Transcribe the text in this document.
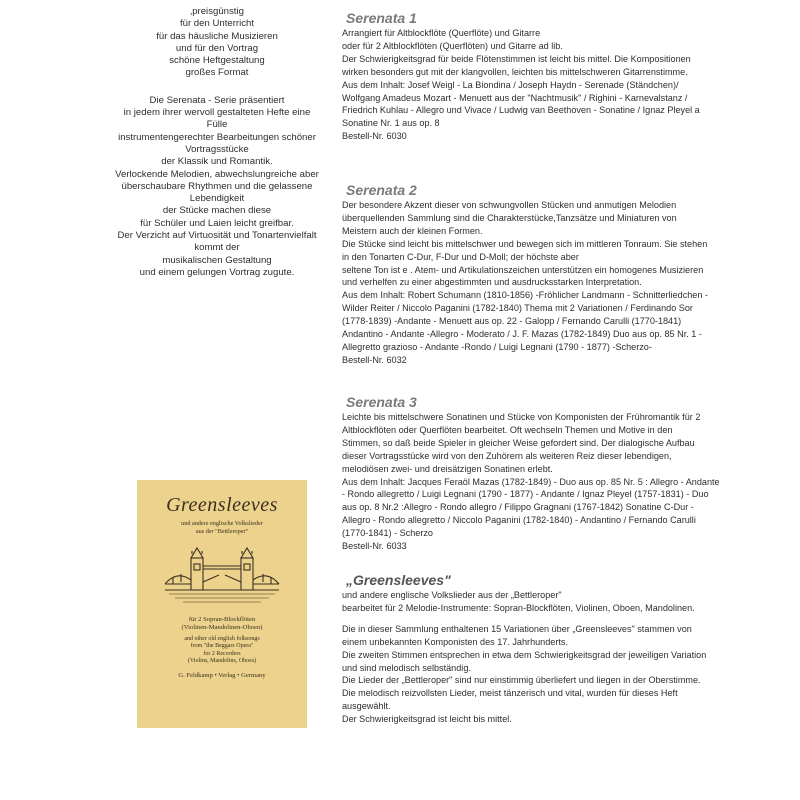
‚preisgünstig
für den Unterricht
für das häusliche Musizieren
und für den Vortrag
schöne Heftgestaltung
großes Format

Die Serenata - Serie präsentiert
in jedem ihrer wervoll gestalteten Hefte eine
Fülle
instrumentengerechter Bearbeitungen schöner
Vortragsstücke
der Klassik und Romantik.
Verlockende Melodien, abwechslungreiche aber
überschaubare Rhythmen und die gelassene
Lebendigkeit
der Stücke machen diese
für Schüler und Laien leicht greifbar.
Der Verzicht auf Virtuosität und Tonartenvielfalt
kommt der
musikalischen Gestaltung
und einem gelungen Vortrag zugute.

Serenata 1
Arrangiert für Altblockflöte (Querflöte) und Gitarre
oder für 2 Altblockflöten (Querflöten) und Gitarre ad lib.
Der Schwierigkeitsgrad für beide Flötenstimmen ist leicht bis mittel. Die Kompositionen
wirken besonders gut mit der klangvollen, leichten bis mittelschweren Gitarrenstimme.
Aus dem Inhalt: Josef Weigl - La Biondina / Joseph Haydn - Serenade (Ständchen)/
Wolfgang Amadeus Mozart - Menuett aus der "Nachtmusik" / Righini - Karnevalstanz /
Friedrich Kuhlau - Allegro und Vivace / Ludwig van Beethoven - Sonatine / Ignaz Pleyel a
Sonatine Nr. 1 aus op. 8
Bestell-Nr. 6030
Serenata 2
Der besondere Akzent dieser von schwungvollen Stücken und anmutigen Melodien
überquellenden Sammlung sind die Charakterstücke,Tanzsätze und Miniaturen von
Meistern auch der kleinen Formen.
Die Stücke sind leicht bis mittelschwer und bewegen sich im mittleren Tonraum. Sie stehen
in den Tonarten C-Dur, F-Dur und D-Moll; der höchste aber
seltene Ton ist e . Atem- und Artikulationszeichen unterstützen ein homogenes Musizieren
und verhelfen zu einer abgestimmten und ausdrucksstarken Interpretation.
Aus dem Inhalt: Robert Schumann (1810-1856) -Fröhlicher Landmann - Schnitterliedchen -
Wilder Reiter / Niccolo Paganini (1782-1840) Thema mit 2 Variationen / Ferdinando Sor
(1778-1839) -Andante - Menuett aus op. 22 - Galopp / Fernando Carulli (1770-1841)
Andantino - Andante -Allegro - Moderato / J. F. Mazas (1782-1849) Duo aus op. 85 Nr. 1 -
Allegretto grazioso - Andante -Rondo / Luigi Legnani (1790 - 1877) -Scherzo-
Bestell-Nr. 6032
Serenata 3
Leichte bis mittelschwere Sonatinen und Stücke von Komponisten der Frühromantik für 2
Altblockflöten oder Querflöten bearbeitet. Oft wechseln Themen und Motive in den
Stimmen, so daß beide Spieler in gleicher Weise gefordert sind. Der dialogische Aufbau
dieser Vortragsstücke wird von den Zuhörern als weiteren Reiz dieser lebendigen,
melodiösen zwei- und dreisätzigen Sonatinen erlebt.
Aus dem Inhalt: Jacques Feraöl Mazas (1782-1849) - Duo aus op. 85 Nr. 5 : Allegro - Andante
- Rondo allegretto / Luigi Legnani (1790 - 1877) - Andante / Ignaz Pleyel (1757-1831) - Duo
aus op. 8 Nr.2 :Allegro - Rondo allegro / Filippo Gragnani (1767-1842) Sonatine C-Dur -
Allegro - Rondo allegretto / Niccolo Paganini (1782-1840) - Andantino / Fernando Carulli
(1770-1841) - Scherzo
Bestell-Nr. 6033
„Greensleeves"
und andere englische Volkslieder aus der „Bettleroper"
bearbeitet für 2 Melodie-Instrumente: Sopran-Blockflöten, Violinen, Oboen, Mandolinen.
Die in dieser Sammlung enthaltenen 15 Variationen über „Greensleeves" stammen von
einem unbekannten Komponisten des 17. Jahrhunderts.
Die zweiten Stimmen entsprechen in etwa dem Schwierigkeitsgrad der jeweiligen Variation
und sind melodisch selbständig.
Die Lieder der „Bettleroper" sind nur einstimmig überliefert und liegen in der Oberstimme.
Die melodisch reizvollsten Lieder, meist tänzerisch und vital, wurden für dieses Heft
ausgewählt.
Der Schwierigkeitsgrad ist leicht bis mittel.
Greensleeves
und andere englische Volkslieder
aus der "Bettleroper"
für 2 Sopran-Blockflöten
(Violinen-Mandolinen-Oboen)
and other old english folksongs
from "the Beggars Opera"
for 2 Recorders
(Violins, Mandolins, Oboes)
G. Feldkamp • Verlag • Germany
